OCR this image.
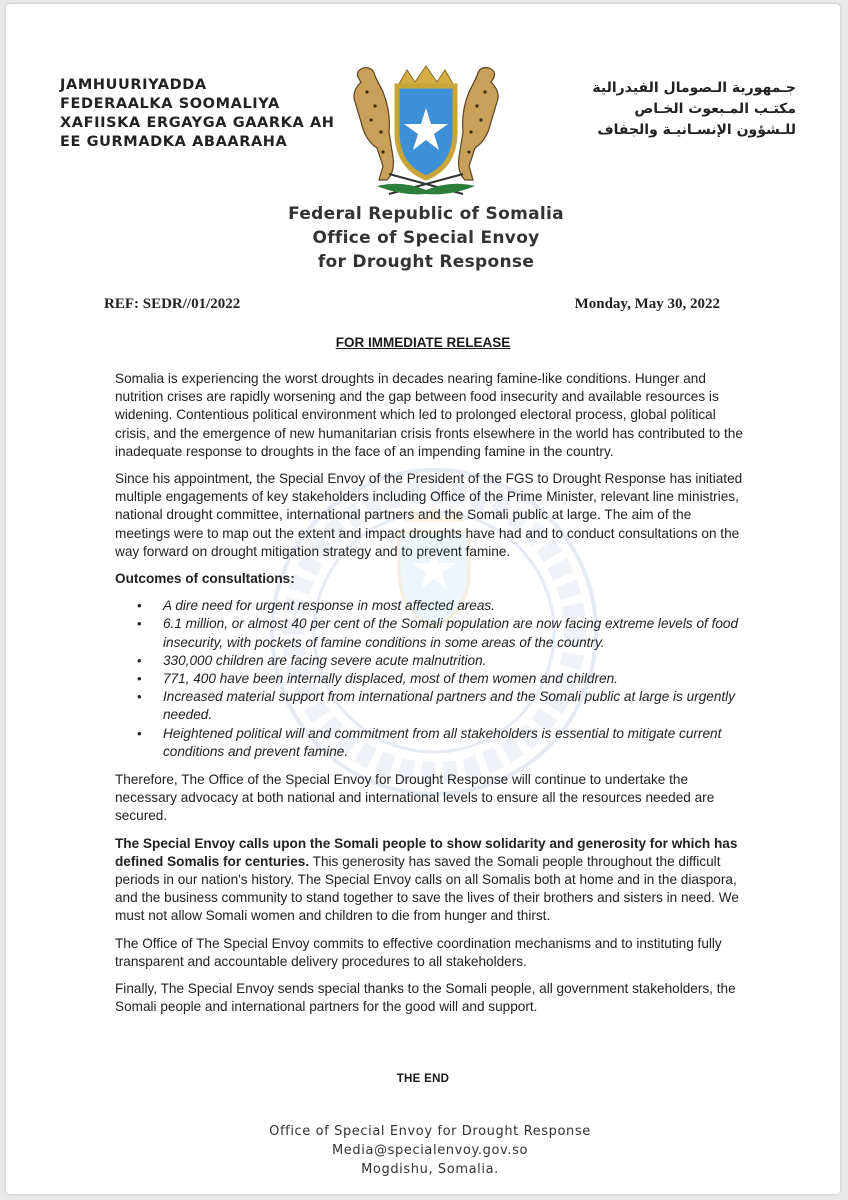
JAMHUURIYADDA
FEDERAALKA SOOMALIYA
XAFIISKA ERGAYGA GAARKA AH
EE GURMADKA ABAARAHA
جـمهورية الـصومال الفيدرالية
مكتـب المـبعوث الخـاص
للـشؤون الإنسـانيـة والجفاف
Federal Republic of Somalia
Office of Special Envoy
for Drought Response
REF: SEDR//01/2022	Monday, May 30, 2022
FOR IMMEDIATE RELEASE

Somalia is experiencing the worst droughts in decades nearing famine-like conditions. Hunger and nutrition crises are rapidly worsening and the gap between food insecurity and available resources is widening. Contentious political environment which led to prolonged electoral process, global political crisis, and the emergence of new humanitarian crisis fronts elsewhere in the world has contributed to the inadequate response to droughts in the face of an impending famine in the country.

Since his appointment, the Special Envoy of the President of the FGS to Drought Response has initiated multiple engagements of key stakeholders including Office of the Prime Minister, relevant line ministries, national drought committee, international partners and the Somali public at large. The aim of the meetings were to map out the extent and impact droughts have had and to conduct consultations on the way forward on drought mitigation strategy and to prevent famine.

Outcomes of consultations:

• A dire need for urgent response in most affected areas.
• 6.1 million, or almost 40 per cent of the Somali population are now facing extreme levels of food insecurity, with pockets of famine conditions in some areas of the country.
• 330,000 children are facing severe acute malnutrition.
• 771, 400 have been internally displaced, most of them women and children.
• Increased material support from international partners and the Somali public at large is urgently needed.
• Heightened political will and commitment from all stakeholders is essential to mitigate current conditions and prevent famine.

Therefore, The Office of the Special Envoy for Drought Response will continue to undertake the necessary advocacy at both national and international levels to ensure all the resources needed are secured.

The Special Envoy calls upon the Somali people to show solidarity and generosity for which has defined Somalis for centuries. This generosity has saved the Somali people throughout the difficult periods in our nation's history. The Special Envoy calls on all Somalis both at home and in the diaspora, and the business community to stand together to save the lives of their brothers and sisters in need. We must not allow Somali women and children to die from hunger and thirst.

The Office of The Special Envoy commits to effective coordination mechanisms and to instituting fully transparent and accountable delivery procedures to all stakeholders.

Finally, The Special Envoy sends special thanks to the Somali people, all government stakeholders, the Somali people and international partners for the good will and support.

THE END
Office of Special Envoy for Drought Response
Media@specialenvoy.gov.so
Mogdishu, Somalia.
